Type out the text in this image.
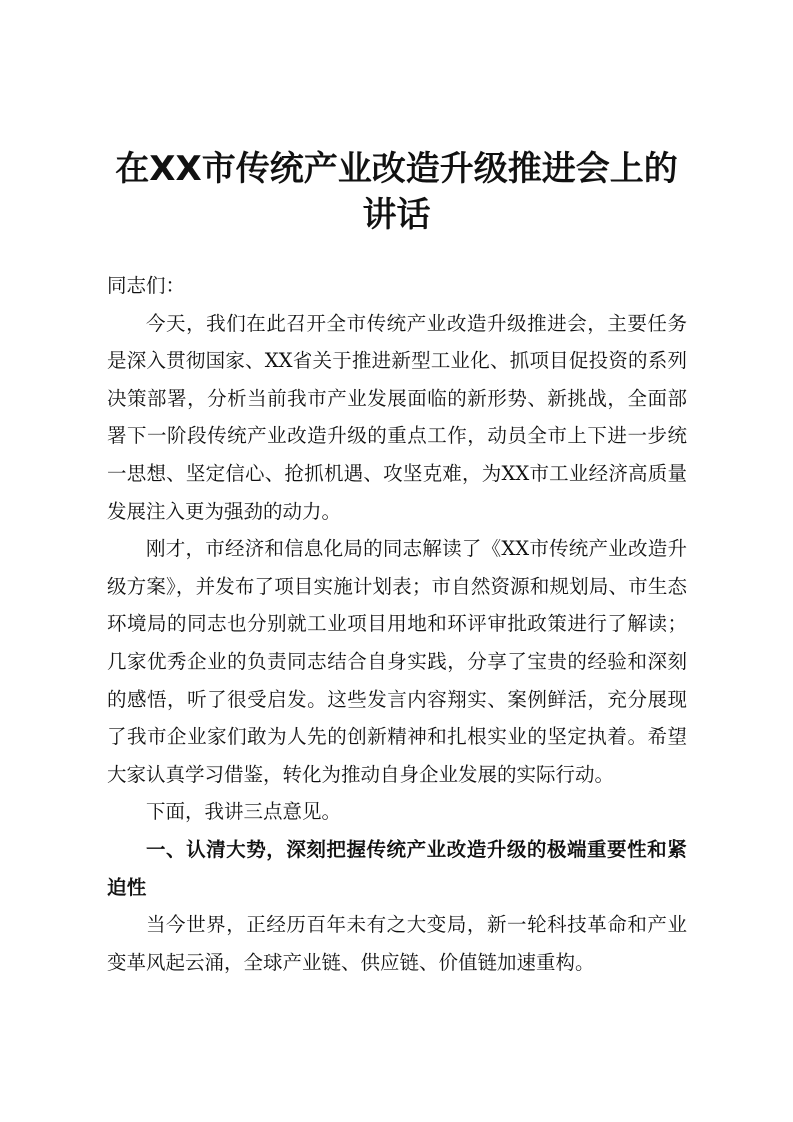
在XX市传统产业改造升级推进会上的
讲话

同志们：

今天，我们在此召开全市传统产业改造升级推进会，主要任务是深入贯彻国家、XX省关于推进新型工业化、抓项目促投资的系列决策部署，分析当前我市产业发展面临的新形势、新挑战，全面部署下一阶段传统产业改造升级的重点工作，动员全市上下进一步统一思想、坚定信心、抢抓机遇、攻坚克难，为XX市工业经济高质量发展注入更为强劲的动力。

刚才，市经济和信息化局的同志解读了《XX市传统产业改造升级方案》，并发布了项目实施计划表；市自然资源和规划局、市生态环境局的同志也分别就工业项目用地和环评审批政策进行了解读；几家优秀企业的负责同志结合自身实践，分享了宝贵的经验和深刻的感悟，听了很受启发。这些发言内容翔实、案例鲜活，充分展现了我市企业家们敢为人先的创新精神和扎根实业的坚定执着。希望大家认真学习借鉴，转化为推动自身企业发展的实际行动。

下面，我讲三点意见。

一、认清大势，深刻把握传统产业改造升级的极端重要性和紧迫性

当今世界，正经历百年未有之大变局，新一轮科技革命和产业变革风起云涌，全球产业链、供应链、价值链加速重构。
